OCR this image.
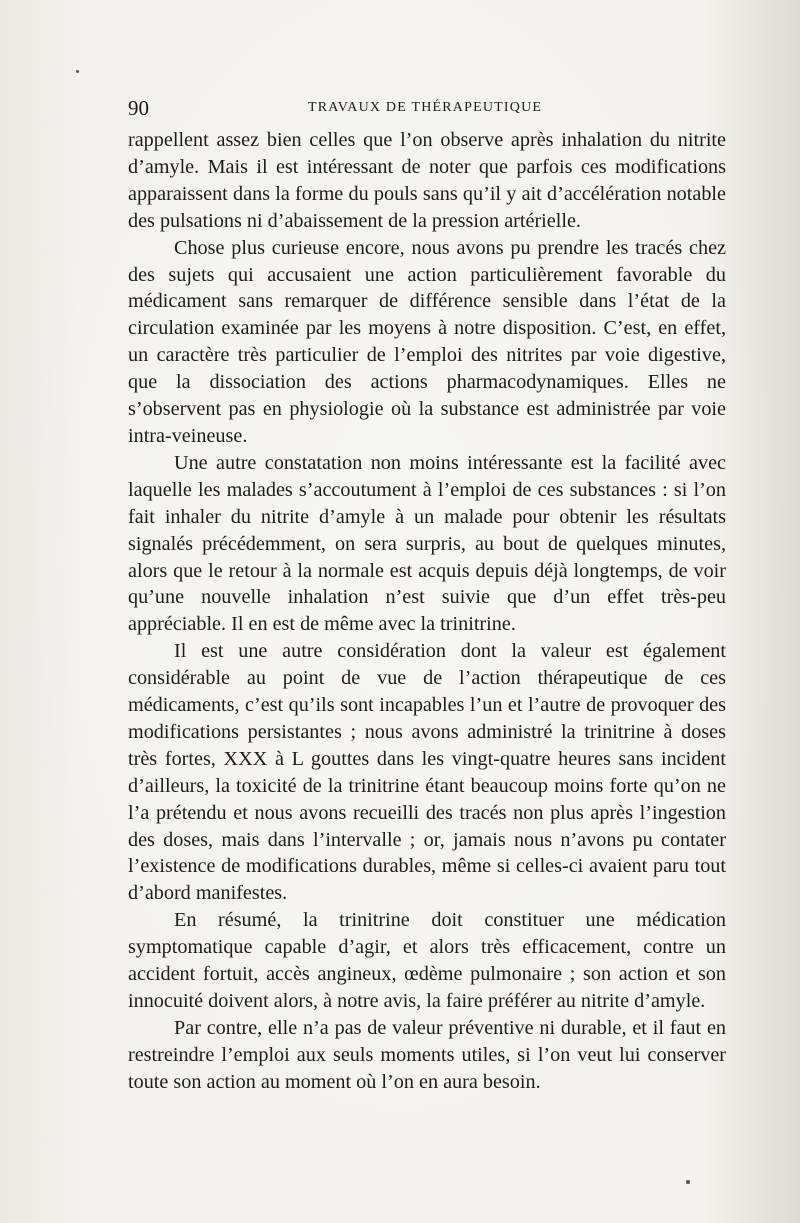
90	TRAVAUX DE THÉRAPEUTIQUE

rappellent assez bien celles que l’on observe après inhalation du nitrite d’amyle. Mais il est intéressant de noter que parfois ces modifications apparaissent dans la forme du pouls sans qu’il y ait d’accélération notable des pulsations ni d’abaissement de la pression artérielle.

Chose plus curieuse encore, nous avons pu prendre les tracés chez des sujets qui accusaient une action particulièrement favorable du médicament sans remarquer de différence sensible dans l’état de la circulation examinée par les moyens à notre disposition. C’est, en effet, un caractère très particulier de l’emploi des nitrites par voie digestive, que la dissociation des actions pharmacodynamiques. Elles ne s’observent pas en physiologie où la substance est administrée par voie intra-veineuse.

Une autre constatation non moins intéressante est la facilité avec laquelle les malades s’accoutument à l’emploi de ces substances : si l’on fait inhaler du nitrite d’amyle à un malade pour obtenir les résultats signalés précédemment, on sera surpris, au bout de quelques minutes, alors que le retour à la normale est acquis depuis déjà longtemps, de voir qu’une nouvelle inhalation n’est suivie que d’un effet très-peu appréciable. Il en est de même avec la trinitrine.

Il est une autre considération dont la valeur est également considérable au point de vue de l’action thérapeutique de ces médicaments, c’est qu’ils sont incapables l’un et l’autre de provoquer des modifications persistantes ; nous avons administré la trinitrine à doses très fortes, XXX à L gouttes dans les vingt-quatre heures sans incident d’ailleurs, la toxicité de la trinitrine étant beaucoup moins forte qu’on ne l’a prétendu et nous avons recueilli des tracés non plus après l’ingestion des doses, mais dans l’intervalle ; or, jamais nous n’avons pu contater l’existence de modifications durables, même si celles-ci avaient paru tout d’abord manifestes.

En résumé, la trinitrine doit constituer une médication symptomatique capable d’agir, et alors très efficacement, contre un accident fortuit, accès angineux, œdème pulmonaire ; son action et son innocuité doivent alors, à notre avis, la faire préférer au nitrite d’amyle.

Par contre, elle n’a pas de valeur préventive ni durable, et il faut en restreindre l’emploi aux seuls moments utiles, si l’on veut lui conserver toute son action au moment où l’on en aura besoin.
